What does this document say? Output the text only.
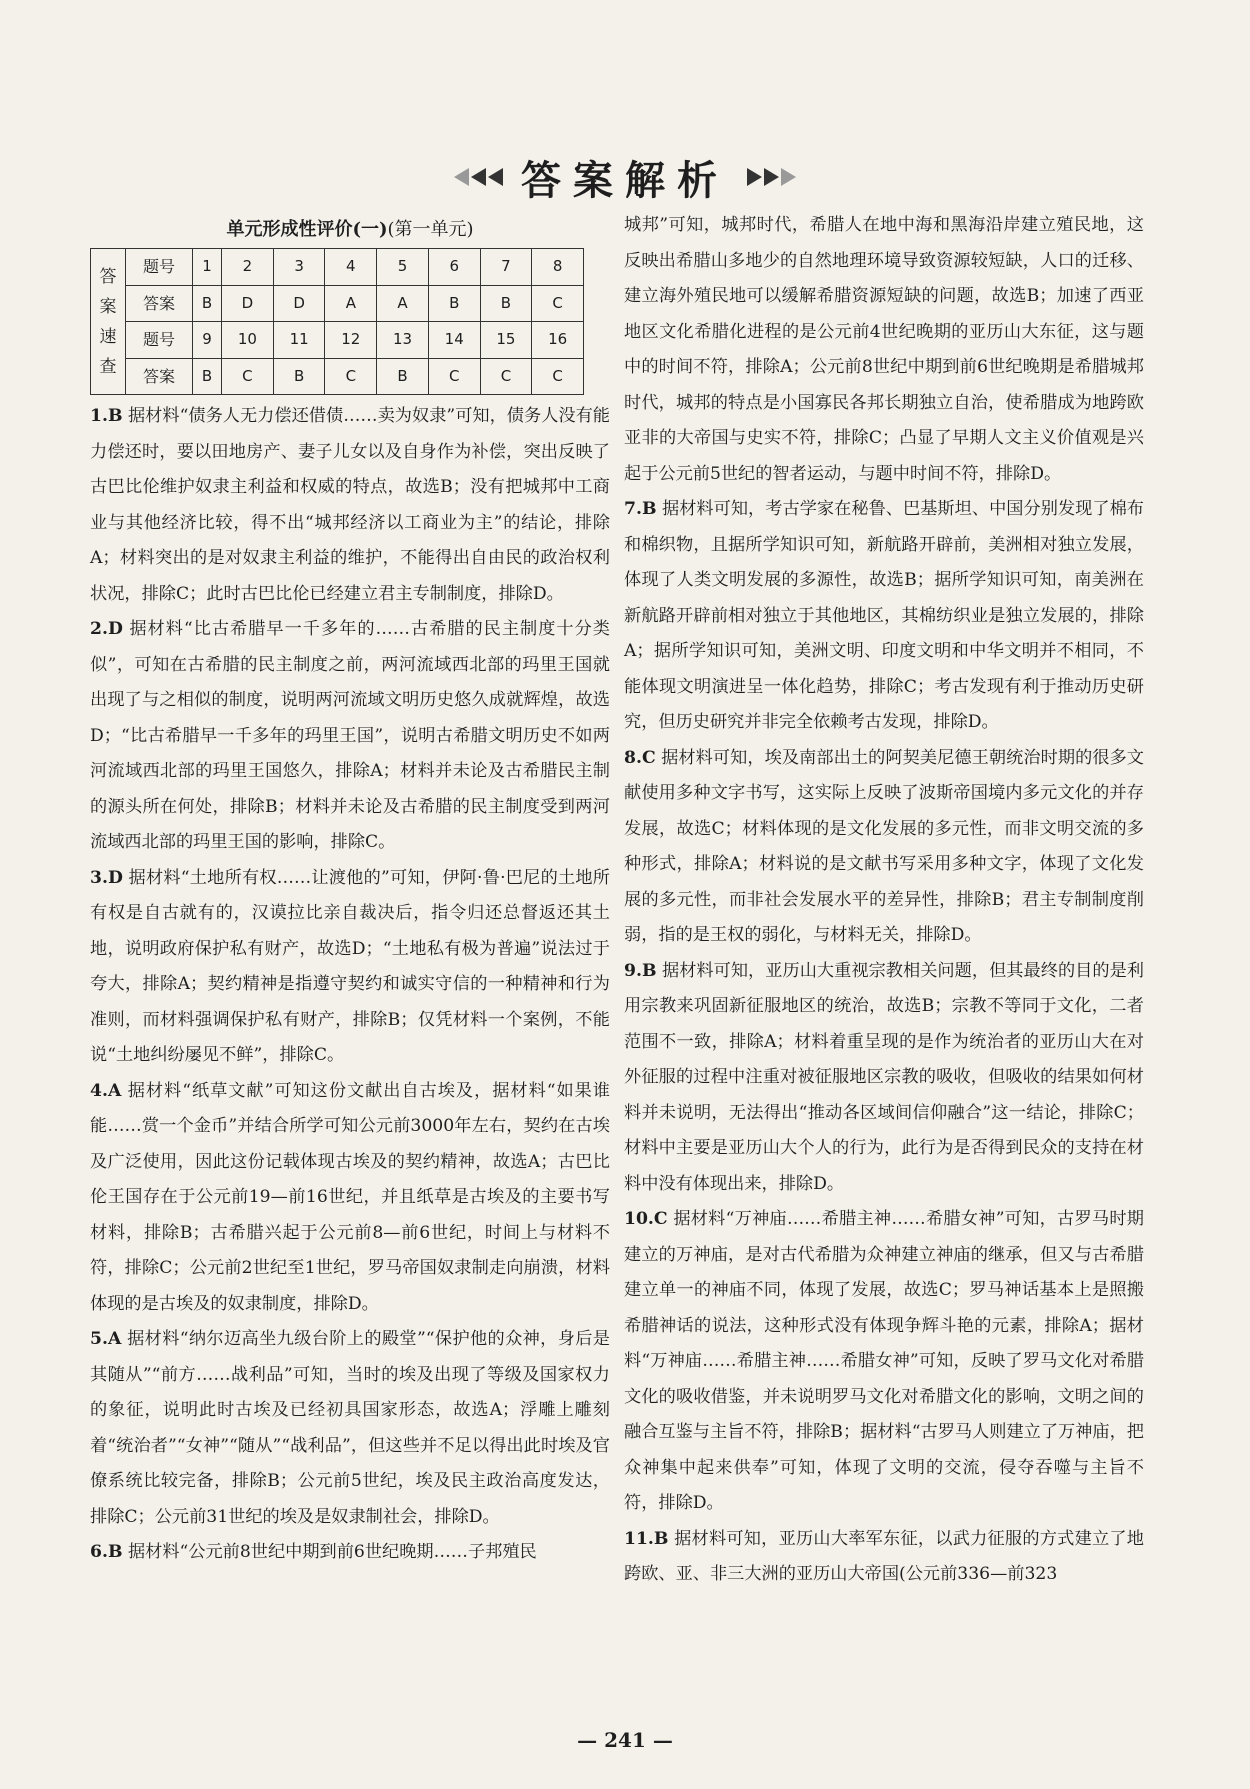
答案解析
单元形成性评价(一)(第一单元)
答
案
速
查	题号	1	2	3	4	5	6	7	8
	答案	B	D	D	A	A	B	B	C
	题号	9	10	11	12	13	14	15	16
	答案	B	C	B	C	B	C	C	C

1.B 据材料“债务人无力偿还借债……卖为奴隶”可知，债务人没有能力偿还时，要以田地房产、妻子儿女以及自身作为补偿，突出反映了古巴比伦维护奴隶主利益和权威的特点，故选B；没有把城邦中工商业与其他经济比较，得不出“城邦经济以工商业为主”的结论，排除A；材料突出的是对奴隶主利益的维护，不能得出自由民的政治权利状况，排除C；此时古巴比伦已经建立君主专制制度，排除D。

2.D 据材料“比古希腊早一千多年的……古希腊的民主制度十分类似”，可知在古希腊的民主制度之前，两河流域西北部的玛里王国就出现了与之相似的制度，说明两河流域文明历史悠久成就辉煌，故选D；“比古希腊早一千多年的玛里王国”，说明古希腊文明历史不如两河流域西北部的玛里王国悠久，排除A；材料并未论及古希腊民主制的源头所在何处，排除B；材料并未论及古希腊的民主制度受到两河流域西北部的玛里王国的影响，排除C。

3.D 据材料“土地所有权……让渡他的”可知，伊阿·鲁·巴尼的土地所有权是自古就有的，汉谟拉比亲自裁决后，指令归还总督返还其土地，说明政府保护私有财产，故选D；“土地私有极为普遍”说法过于夸大，排除A；契约精神是指遵守契约和诚实守信的一种精神和行为准则，而材料强调保护私有财产，排除B；仅凭材料一个案例，不能说“土地纠纷屡见不鲜”，排除C。

4.A 据材料“纸草文献”可知这份文献出自古埃及，据材料“如果谁能……赏一个金币”并结合所学可知公元前3000年左右，契约在古埃及广泛使用，因此这份记载体现古埃及的契约精神，故选A；古巴比伦王国存在于公元前19—前16世纪，并且纸草是古埃及的主要书写材料，排除B；古希腊兴起于公元前8—前6世纪，时间上与材料不符，排除C；公元前2世纪至1世纪，罗马帝国奴隶制走向崩溃，材料体现的是古埃及的奴隶制度，排除D。

5.A 据材料“纳尔迈高坐九级台阶上的殿堂”“保护他的众神，身后是其随从”“前方……战利品”可知，当时的埃及出现了等级及国家权力的象征，说明此时古埃及已经初具国家形态，故选A；浮雕上雕刻着“统治者”“女神”“随从”“战利品”，但这些并不足以得出此时埃及官僚系统比较完备，排除B；公元前5世纪，埃及民主政治高度发达，排除C；公元前31世纪的埃及是奴隶制社会，排除D。

6.B 据材料“公元前8世纪中期到前6世纪晚期……子邦殖民

城邦”可知，城邦时代，希腊人在地中海和黑海沿岸建立殖民地，这反映出希腊山多地少的自然地理环境导致资源较短缺，人口的迁移、建立海外殖民地可以缓解希腊资源短缺的问题，故选B；加速了西亚地区文化希腊化进程的是公元前4世纪晚期的亚历山大东征，这与题中的时间不符，排除A；公元前8世纪中期到前6世纪晚期是希腊城邦时代，城邦的特点是小国寡民各邦长期独立自治，使希腊成为地跨欧亚非的大帝国与史实不符，排除C；凸显了早期人文主义价值观是兴起于公元前5世纪的智者运动，与题中时间不符，排除D。

7.B 据材料可知，考古学家在秘鲁、巴基斯坦、中国分别发现了棉布和棉织物，且据所学知识可知，新航路开辟前，美洲相对独立发展，体现了人类文明发展的多源性，故选B；据所学知识可知，南美洲在新航路开辟前相对独立于其他地区，其棉纺织业是独立发展的，排除A；据所学知识可知，美洲文明、印度文明和中华文明并不相同，不能体现文明演进呈一体化趋势，排除C；考古发现有利于推动历史研究，但历史研究并非完全依赖考古发现，排除D。

8.C 据材料可知，埃及南部出土的阿契美尼德王朝统治时期的很多文献使用多种文字书写，这实际上反映了波斯帝国境内多元文化的并存发展，故选C；材料体现的是文化发展的多元性，而非文明交流的多种形式，排除A；材料说的是文献书写采用多种文字，体现了文化发展的多元性，而非社会发展水平的差异性，排除B；君主专制制度削弱，指的是王权的弱化，与材料无关，排除D。

9.B 据材料可知，亚历山大重视宗教相关问题，但其最终的目的是利用宗教来巩固新征服地区的统治，故选B；宗教不等同于文化，二者范围不一致，排除A；材料着重呈现的是作为统治者的亚历山大在对外征服的过程中注重对被征服地区宗教的吸收，但吸收的结果如何材料并未说明，无法得出“推动各区域间信仰融合”这一结论，排除C；材料中主要是亚历山大个人的行为，此行为是否得到民众的支持在材料中没有体现出来，排除D。

10.C 据材料“万神庙……希腊主神……希腊女神”可知，古罗马时期建立的万神庙，是对古代希腊为众神建立神庙的继承，但又与古希腊建立单一的神庙不同，体现了发展，故选C；罗马神话基本上是照搬希腊神话的说法，这种形式没有体现争辉斗艳的元素，排除A；据材料“万神庙……希腊主神……希腊女神”可知，反映了罗马文化对希腊文化的吸收借鉴，并未说明罗马文化对希腊文化的影响，文明之间的融合互鉴与主旨不符，排除B；据材料“古罗马人则建立了万神庙，把众神集中起来供奉”可知，体现了文明的交流，侵夺吞噬与主旨不符，排除D。

11.B 据材料可知，亚历山大率军东征，以武力征服的方式建立了地跨欧、亚、非三大洲的亚历山大帝国(公元前336—前323

— 241 —
